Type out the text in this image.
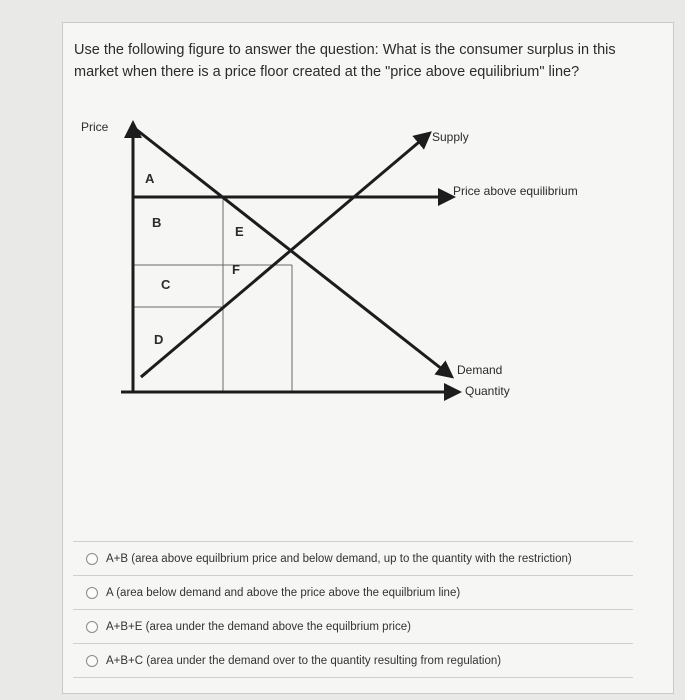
Use the following figure to answer the question: What is the consumer surplus in this market when there is a price floor created at the "price above equilibrium" line?
Price
Supply
Price above equilibrium
Demand
Quantity
A
B
C
D
E
F
A+B (area above equilbrium price and below demand, up to the quantity with the restriction)
A (area below demand and above the price above the equilbrium line)
A+B+E (area under the demand above the equilbrium price)
A+B+C (area under the demand over to the quantity resulting from regulation)
